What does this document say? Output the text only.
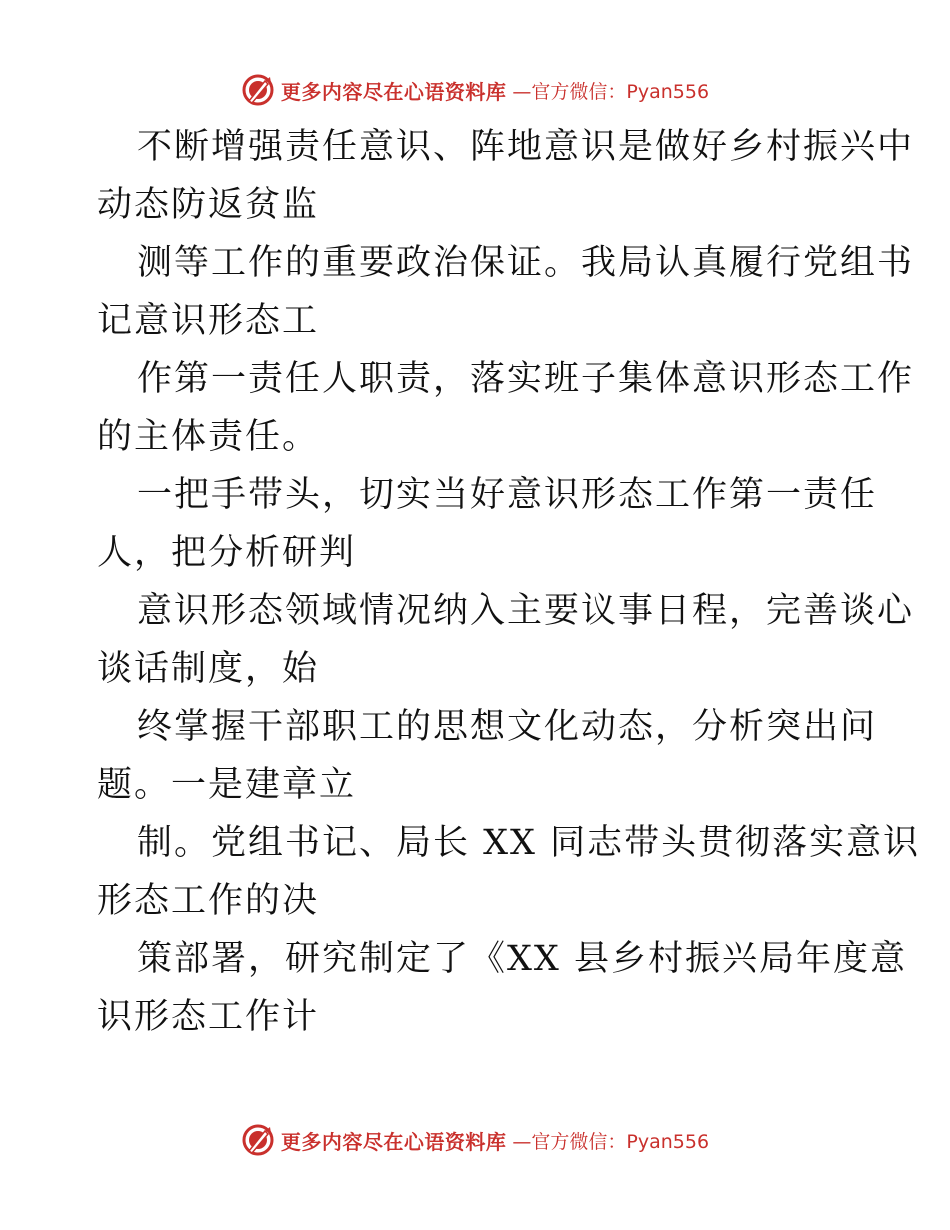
更多内容尽在心语资料库 —官方微信：Pyan556
不断增强责任意识、阵地意识是做好乡村振兴中
动态防返贫监
测等工作的重要政治保证。我局认真履行党组书
记意识形态工
作第一责任人职责，落实班子集体意识形态工作
的主体责任。
一把手带头，切实当好意识形态工作第一责任
人，把分析研判
意识形态领域情况纳入主要议事日程，完善谈心
谈话制度，始
终掌握干部职工的思想文化动态，分析突出问
题。一是建章立
制。党组书记、局长 XX 同志带头贯彻落实意识
形态工作的决
策部署，研究制定了《XX 县乡村振兴局年度意
识形态工作计
更多内容尽在心语资料库 —官方微信：Pyan556
